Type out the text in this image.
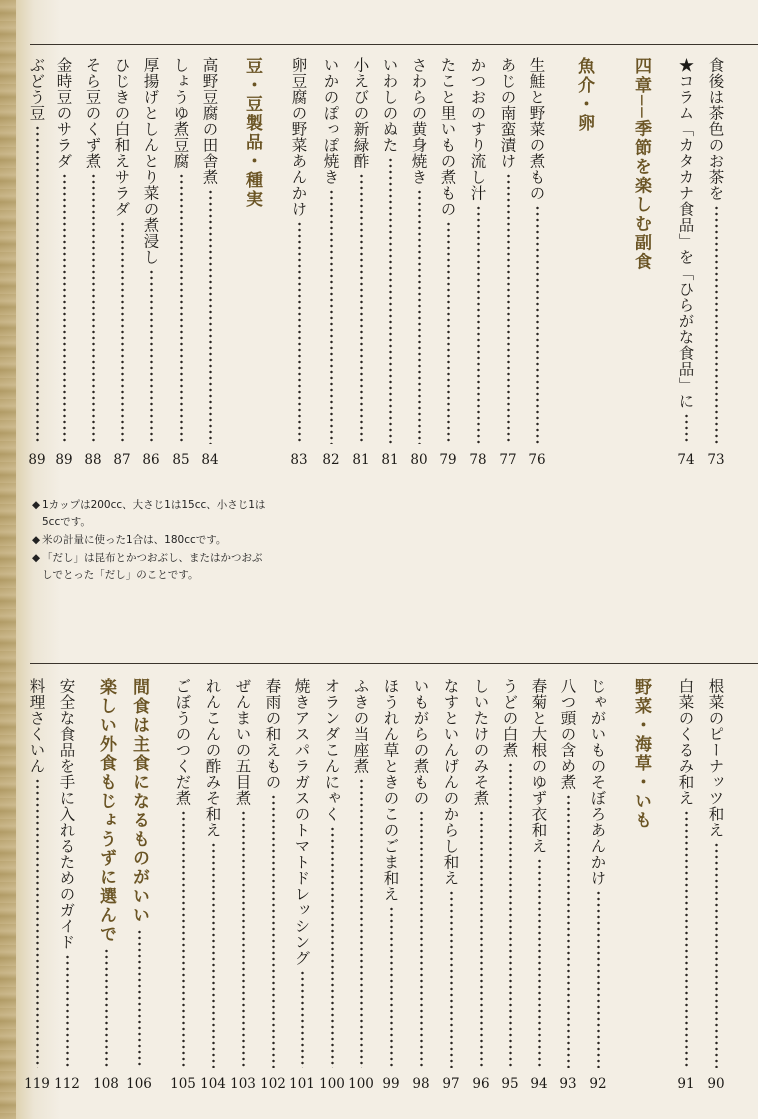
食後は茶色のお茶を
73
★コラム「カタカナ食品」を「ひらがな食品」に
74
四章──季節を楽しむ副食
魚介・卵
生鮭と野菜の煮もの
76
あじの南蛮漬け
77
かつおのすり流し汁
78
たこと里いもの煮もの
79
さわらの黄身焼き
80
いわしのぬた
81
小えびの新緑酢
81
いかのぽっぽ焼き
82
卵豆腐の野菜あんかけ
83
豆・豆製品・種実
高野豆腐の田舎煮
84
しょうゆ煮豆腐
85
厚揚げとしんとり菜の煮浸し
86
ひじきの白和えサラダ
87
そら豆のくず煮
88
金時豆のサラダ
89
ぶどう豆
89
根菜のピーナッツ和え
90
白菜のくるみ和え
91
野菜・海草・いも
じゃがいものそぼろあんかけ
92
八つ頭の含め煮
93
春菊と大根のゆず衣和え
94
うどの白煮
95
しいたけのみそ煮
96
なすといんげんのからし和え
97
いもがらの煮もの
98
ほうれん草ときのこのごま和え
99
ふきの当座煮
100
オランダこんにゃく
100
焼きアスパラガスのトマトドレッシング
101
春雨の和えもの
102
ぜんまいの五目煮
103
れんこんの酢みそ和え
104
ごぼうのつくだ煮
105
間食は主食になるものがいい
106
楽しい外食もじょうずに選んで
108
安全な食品を手に入れるためのガイド
112
料理さくいん
119
◆ 1カップは200cc、大さじ1は15cc、小さじ1は5ccです。
◆ 米の計量に使った1合は、180ccです。
◆ 「だし」は昆布とかつおぶし、またはかつおぶしでとった「だし」のことです。
